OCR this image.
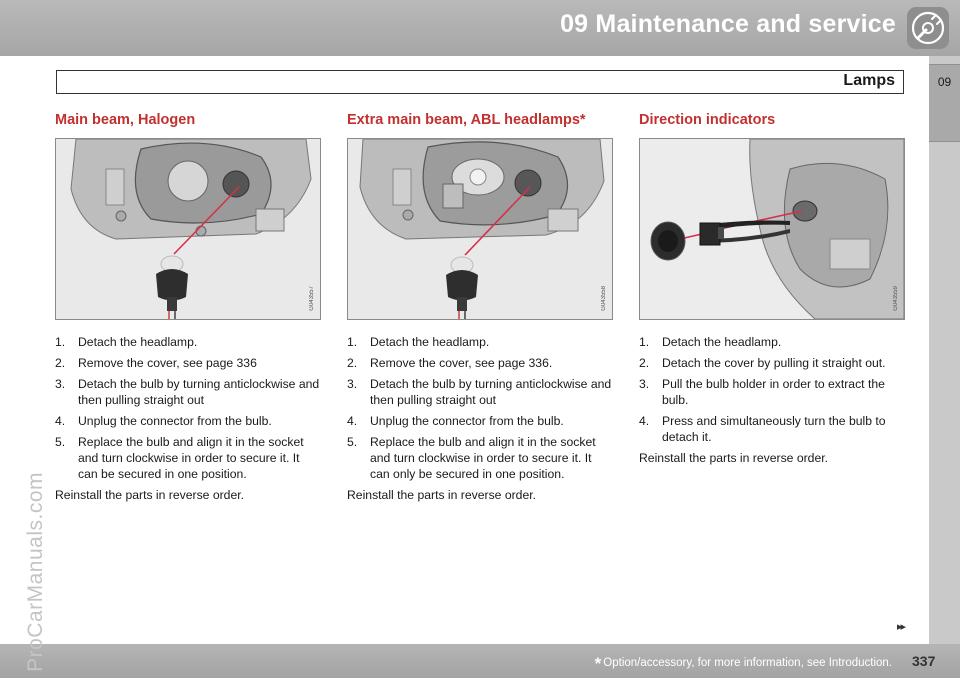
09 Maintenance and service
09
Lamps
Main beam, Halogen
G043557
1. Detach the headlamp.
2. Remove the cover, see page 336
3. Detach the bulb by turning anticlockwise and then pulling straight out
4. Unplug the connector from the bulb.
5. Replace the bulb and align it in the socket and turn clockwise in order to secure it. It can be secured in one position.
Reinstall the parts in reverse order.
Extra main beam, ABL headlamps*
G043558
1. Detach the headlamp.
2. Remove the cover, see page 336.
3. Detach the bulb by turning anticlockwise and then pulling straight out
4. Unplug the connector from the bulb.
5. Replace the bulb and align it in the socket and turn clockwise in order to secure it. It can only be secured in one position.
Reinstall the parts in reverse order.
Direction indicators
G043559
1. Detach the headlamp.
2. Detach the cover by pulling it straight out.
3. Pull the bulb holder in order to extract the bulb.
4. Press and simultaneously turn the bulb to detach it.
Reinstall the parts in reverse order.
▸▸
* Option/accessory, for more information, see Introduction. 337
ProCarManuals.com
